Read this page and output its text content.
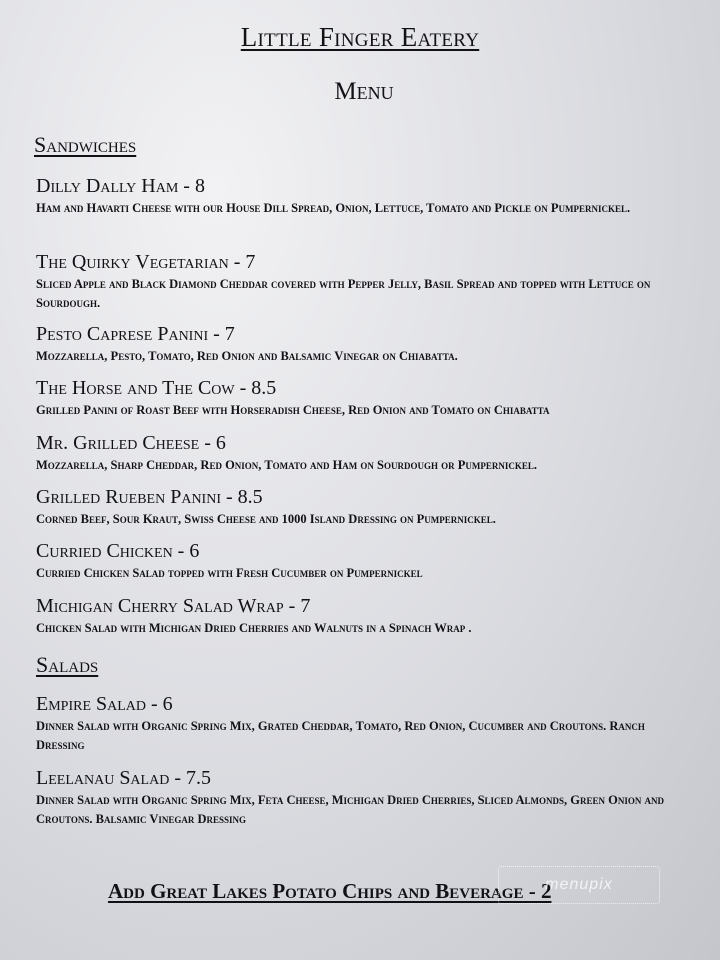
Little Finger Eatery
Menu
Sandwiches
Dilly Dally Ham - 8
Ham and Havarti Cheese with our House Dill Spread, Onion, Lettuce, Tomato and Pickle on Pumpernickel.
The Quirky Vegetarian - 7
Sliced Apple and Black Diamond Cheddar covered with Pepper Jelly, Basil Spread and topped with Lettuce on Sourdough.
Pesto Caprese Panini - 7
Mozzarella, Pesto, Tomato, Red Onion and Balsamic Vinegar on Chiabatta.
The Horse and The Cow - 8.5
Grilled Panini of Roast Beef with Horseradish Cheese, Red Onion and Tomato on Chiabatta
Mr. Grilled Cheese - 6
Mozzarella, Sharp Cheddar, Red Onion, Tomato and Ham on Sourdough or Pumpernickel.
Grilled Rueben Panini - 8.5
Corned Beef, Sour Kraut, Swiss Cheese and 1000 Island Dressing on Pumpernickel.
Curried Chicken - 6
Curried Chicken Salad topped with Fresh Cucumber on Pumpernickel
Michigan Cherry Salad Wrap - 7
Chicken Salad with Michigan Dried Cherries and Walnuts in a Spinach Wrap .
Salads
Empire Salad - 6
Dinner Salad with Organic Spring Mix, Grated Cheddar, Tomato, Red Onion, Cucumber and Croutons. Ranch Dressing
Leelanau Salad - 7.5
Dinner Salad with Organic Spring Mix, Feta Cheese, Michigan Dried Cherries, Sliced Almonds, Green Onion and Croutons. Balsamic Vinegar Dressing
Add Great Lakes Potato Chips and Beverage - 2
menupix
